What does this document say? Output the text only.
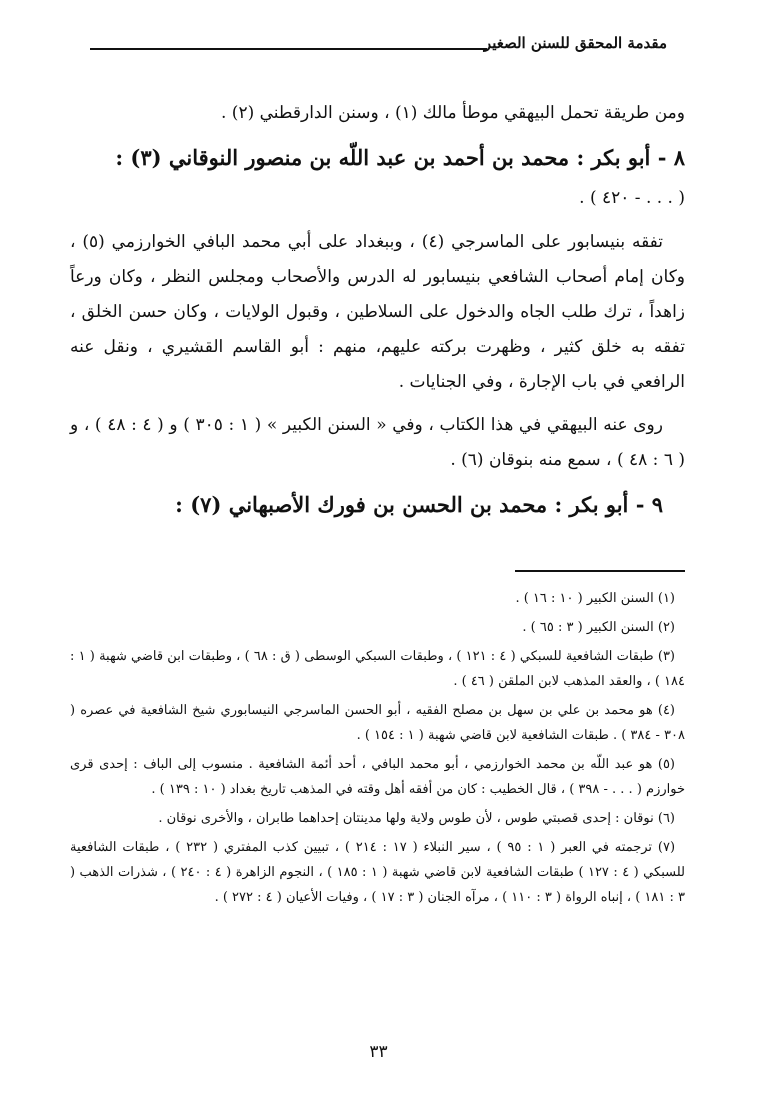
مقدمة المحقق للسنن الصغير

ومن طريقة تحمل البيهقي موطأ مالك (١) ، وسنن الدارقطني (٢) .

٨ - أبو بكر : محمد بن أحمد بن عبد اللّه بن منصور النوقاني (٣) :
( . . . - ٤٢٠ ) .

تفقه بنيسابور على الماسرجي (٤) ، وببغداد على أبي محمد البافي الخوارزمي (٥) ، وكان إمام أصحاب الشافعي بنيسابور له الدرس والأصحاب ومجلس النظر ، وكان ورعاً زاهداً ، ترك طلب الجاه والدخول على السلاطين ، وقبول الولايات ، وكان حسن الخلق ، تفقه به خلق كثير ، وظهرت بركته عليهم، منهم : أبو القاسم القشيري ، ونقل عنه الرافعي في باب الإجارة ، وفي الجنايات .

روى عنه البيهقي في هذا الكتاب ، وفي « السنن الكبير » ( ١ : ٣٠٥ ) و ( ٤ : ٤٨ ) ، و ( ٦ : ٤٨ ) ، سمع منه بنوقان (٦) .

٩ - أبو بكر : محمد بن الحسن بن فورك الأصبهاني (٧) :

(١) السنن الكبير ( ١٠ : ١٦ ) .

(٢) السنن الكبير ( ٣ : ٦٥ ) .

(٣) طبقات الشافعية للسبكي ( ٤ : ١٢١ ) ، وطبقات السبكي الوسطى ( ق : ٦٨ ) ، وطبقات ابن قاضي شهبة ( ١ : ١٨٤ ) ، والعقد المذهب لابن الملقن ( ٤٦ ) .

(٤) هو محمد بن علي بن سهل بن مصلح الفقيه ، أبو الحسن الماسرجي النيسابوري شيخ الشافعية في عصره ( ٣٠٨ - ٣٨٤ ) . طبقات الشافعية لابن قاضي شهبة ( ١ : ١٥٤ ) .

(٥) هو عبد اللّه بن محمد الخوارزمي ، أبو محمد البافي ، أحد أئمة الشافعية . منسوب إلى الباف : إحدى قرى خوارزم ( . . . - ٣٩٨ ) ، قال الخطيب : كان من أفقه أهل وقته في المذهب تاريخ بغداد ( ١٠ : ١٣٩ ) .

(٦) نوقان : إحدى قصبتي طوس ، لأن طوس ولاية ولها مدينتان إحداهما طابران ، والأخرى نوقان .

(٧) ترجمته في العبر ( ١ : ٩٥ ) ، سير النبلاء ( ١٧ : ٢١٤ ) ، تبيين كذب المفتري ( ٢٣٢ ) ، طبقات الشافعية للسبكي ( ٤ : ١٢٧ ) طبقات الشافعية لابن قاضي شهبة ( ١ : ١٨٥ ) ، النجوم الزاهرة ( ٤ : ٢٤٠ ) ، شذرات الذهب ( ٣ : ١٨١ ) ، إنباه الرواة ( ٣ : ١١٠ ) ، مرآه الجنان ( ٣ : ١٧ ) ، وفيات الأعيان ( ٤ : ٢٧٢ ) .

٣٣
